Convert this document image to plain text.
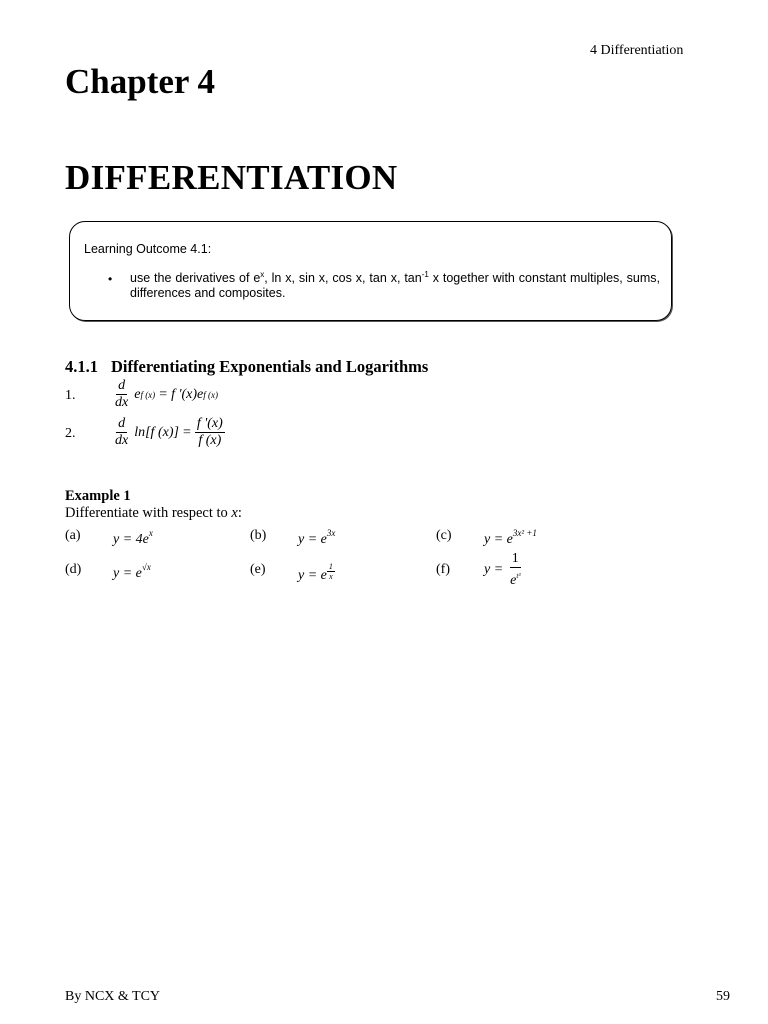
4 Differentiation
Chapter 4
DIFFERENTIATION
Learning Outcome 4.1:
• use the derivatives of $e^x$, ln x, sin x, cos x, tan x, $\tan^{-1} x$ together with constant multiples, sums, differences and composites.
4.1.1 Differentiating Exponentials and Logarithms
1.	$\frac{d}{dx}$ e f (x) = f '(x)e f (x)
2.	$\frac{d}{dx} \ln[f$ $(x)] = \frac{f '(x)}{f (x)}$
Example 1
Differentiate with respect to x:
(a) $y = 4e^x$	(b) $y = e^{3x}$	(c) $y = e^{3x^2 +1}$
(d) $y = e^{√x}$	(e) y = e $\frac{1}{x}$	(f) $y = \frac{1}{e^{t^3}}$
By NCX & TCY	59
